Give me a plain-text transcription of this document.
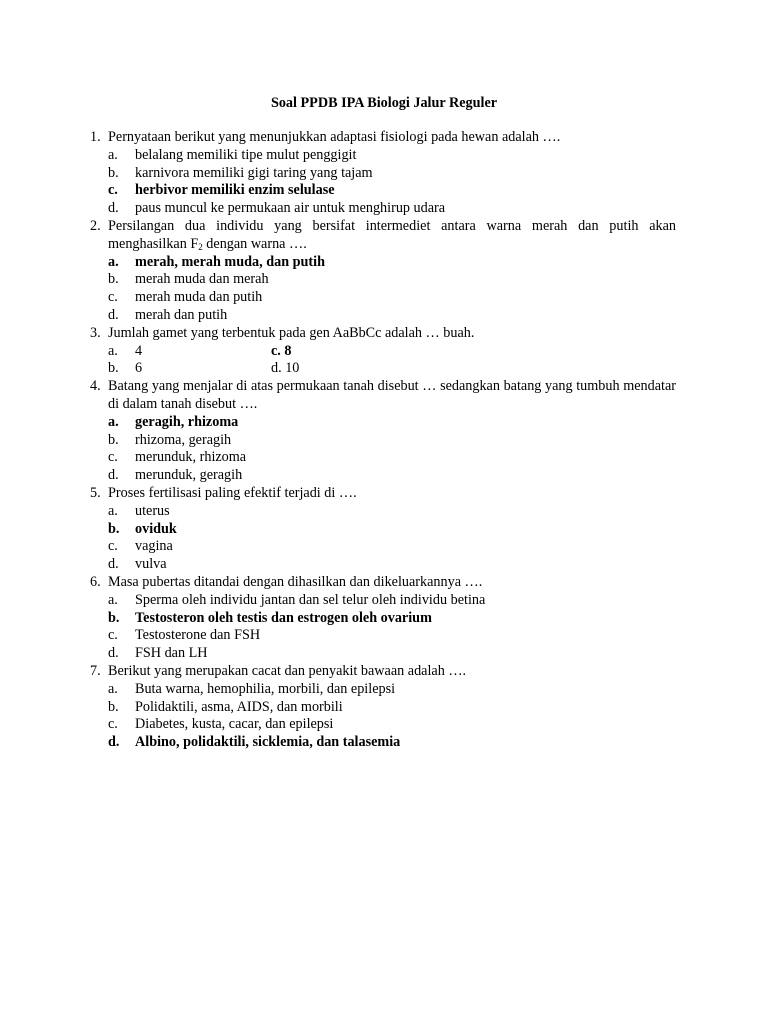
Soal PPDB IPA Biologi Jalur Reguler
1. Pernyataan berikut yang menunjukkan adaptasi fisiologi pada hewan adalah ….
a.	belalang memiliki tipe mulut penggigit
b.	karnivora memiliki gigi taring yang tajam
c.	herbivor memiliki enzim selulase
d.	paus muncul ke permukaan air untuk menghirup udara
2. Persilangan dua individu yang bersifat intermediet antara warna merah dan putih akan menghasilkan $F_2$ dengan warna ….
a.	merah, merah muda, dan putih
b.	merah muda dan merah
c.	merah muda dan putih
d.	merah dan putih
3. Jumlah gamet yang terbentuk pada gen AaBbCc adalah … buah.
a.	4	c. 8
b.	6	d. 10
4. Batang yang menjalar di atas permukaan tanah disebut … sedangkan batang yang tumbuh mendatar di dalam tanah disebut ….
a.	geragih, rhizoma
b.	rhizoma, geragih
c.	merunduk, rhizoma
d.	merunduk, geragih
5. Proses fertilisasi paling efektif terjadi di ….
a.	uterus
b.	oviduk
c.	vagina
d.	vulva
6. Masa pubertas ditandai dengan dihasilkan dan dikeluarkannya ….
a.	Sperma oleh individu jantan dan sel telur oleh individu betina
b.	Testosteron oleh testis dan estrogen oleh ovarium
c.	Testosterone dan FSH
d.	FSH dan LH
7. Berikut yang merupakan cacat dan penyakit bawaan adalah ….
a.	Buta warna, hemophilia, morbili, dan epilepsi
b.	Polidaktili, asma, AIDS, dan morbili
c.	Diabetes, kusta, cacar, dan epilepsi
d.	Albino, polidaktili, sicklemia, dan talasemia
